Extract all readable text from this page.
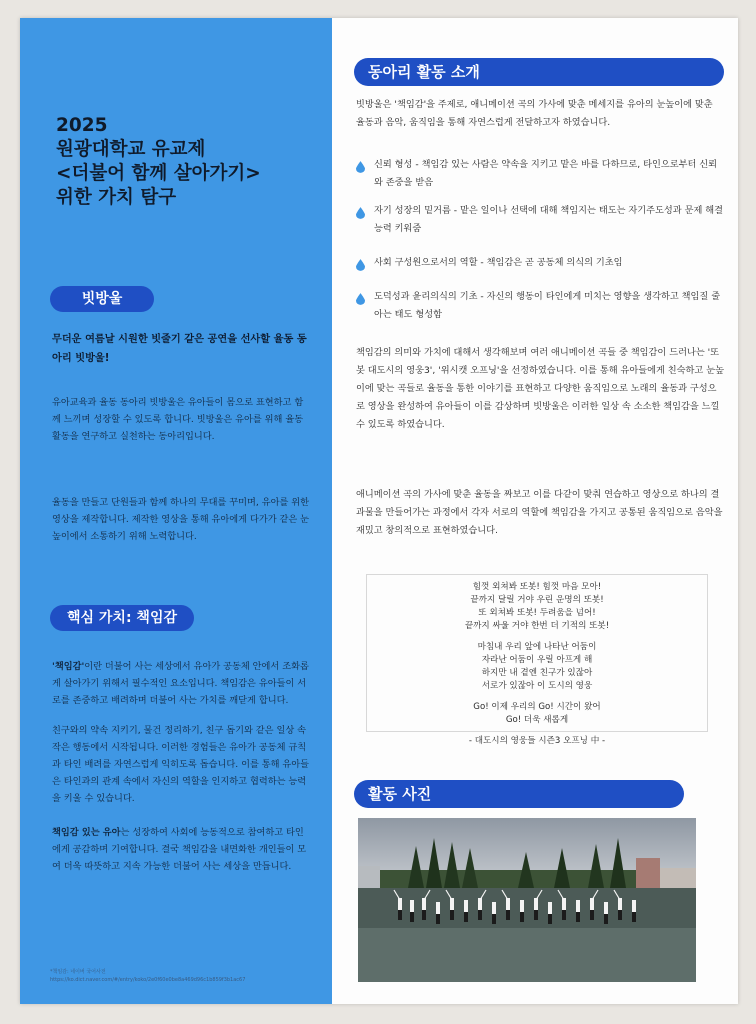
2025
원광대학교 유교제
<더불어 함께 살아가기>
위한 가치 탐구
빗방울
무더운 여름날 시원한 빗줄기 같은 공연을 선사할 율동 동아리 빗방울!
유아교육과 율동 동아리 빗방울은 유아들이 몸으로 표현하고 함께 느끼며 성장할 수 있도록 합니다. 빗방울은 유아를 위해 율동 활동을 연구하고 실천하는 동아리입니다.
율동을 만들고 단원들과 함께 하나의 무대를 꾸미며, 유아를 위한 영상을 제작합니다. 제작한 영상을 통해 유아에게 다가가 같은 눈높이에서 소통하기 위해 노력합니다.
핵심 가치: 책임감
'책임감'이란 더불어 사는 세상에서 유아가 공동체 안에서 조화롭게 살아가기 위해서 필수적인 요소입니다. 책임감은 유아들이 서로를 존중하고 배려하며 더불어 사는 가치를 깨닫게 합니다.
친구와의 약속 지키기, 물건 정리하기, 친구 돕기와 같은 일상 속 작은 행동에서 시작됩니다. 이러한 경험들은 유아가 공동체 규칙과 타인 배려를 자연스럽게 익히도록 돕습니다. 이를 통해 유아들은 타인과의 관계 속에서 자신의 역할을 인지하고 협력하는 능력을 키울 수 있습니다.
책임감 있는 유아는 성장하여 사회에 능동적으로 참여하고 타인에게 공감하며 기여합니다. 결국 책임감을 내면화한 개인들이 모여 더욱 따뜻하고 지속 가능한 더불어 사는 세상을 만듭니다.
*책임감: 네이버 국어사전
https://ko.dict.naver.com/#/entry/koko/2e0f60e0be8a469d96c1b859f3b1ac67
동아리 활동 소개
빗방울은 '책임감'을 주제로, 애니메이션 곡의 가사에 맞춘 메세지를 유아의 눈높이에 맞춘 율동과 음악, 움직임을 통해 자연스럽게 전달하고자 하였습니다.
신뢰 형성 - 책임감 있는 사람은 약속을 지키고 맡은 바를 다하므로, 타인으로부터 신뢰와 존중을 받음
자기 성장의 밑거름 - 맡은 일이나 선택에 대해 책임지는 태도는 자기주도성과 문제 해결 능력 키워줌
사회 구성원으로서의 역할 - 책임감은 곧 공동체 의식의 기초임
도덕성과 윤리의식의 기초 - 자신의 행동이 타인에게 미치는 영향을 생각하고 책임질 줄 아는 태도 형성함
책임감의 의미와 가치에 대해서 생각해보며 여러 애니메이션 곡들 중 책임감이 드러나는 '또봇 대도시의 영웅3', '위시캣 오프닝'을 선정하였습니다. 이를 통해 유아들에게 친숙하고 눈높이에 맞는 곡들로 율동을 통한 이야기를 표현하고 다양한 움직임으로 노래의 율동과 구성으로 영상을 완성하여 유아들이 이를 감상하며 빗방울은 이러한 일상 속 소소한 책임감을 느낄 수 있도록 하였습니다.
애니메이션 곡의 가사에 맞춘 율동을 짜보고 이를 다같이 맞춰 연습하고 영상으로 하나의 결과물을 만들어가는 과정에서 각자 서로의 역할에 책임감을 가지고 공통된 움직임으로 음악을 재밌고 창의적으로 표현하였습니다.
힘껏 외쳐봐 또봇! 힘껏 마음 모아!
끝까지 달릴 거야 우린 운명의 또봇!
또 외쳐봐 또봇! 두려움을 넘어!
끝까지 싸울 거야 한번 더 기적의 또봇!
마침내 우리 앞에 나타난 어둠이
자라난 어둠이 우릴 아프게 해
하지만 내 곁엔 친구가 있잖아
서로가 있잖아 이 도시의 영웅
Go! 이제 우리의 Go! 시간이 왔어
Go! 더욱 새롭게
- 대도시의 영웅들 시즌3 오프닝 中 -
활동 사진
